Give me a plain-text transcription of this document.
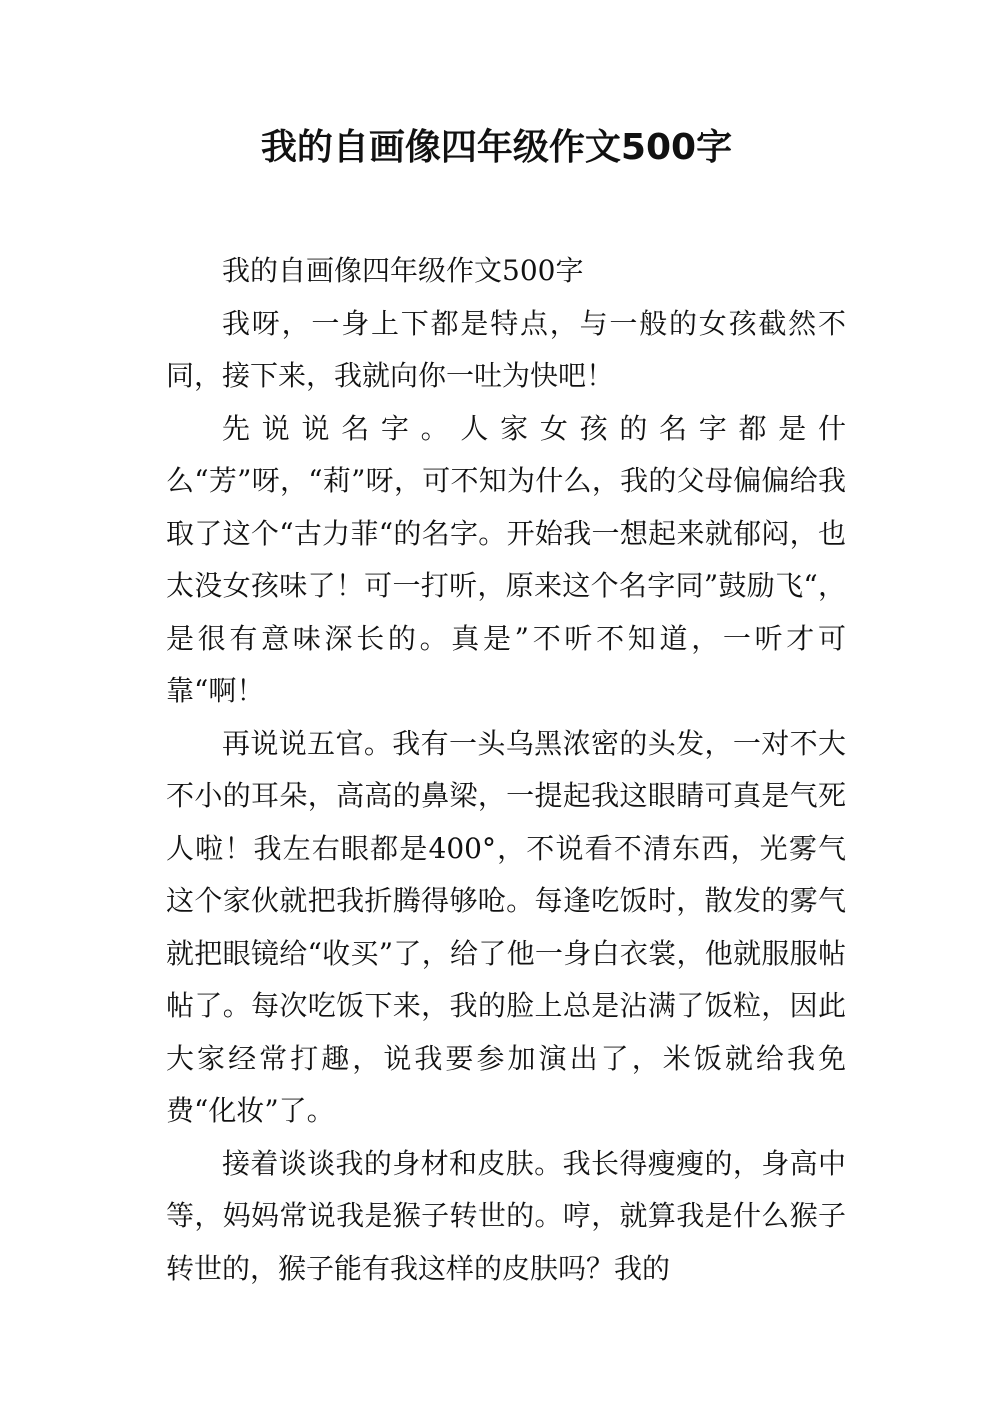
我的自画像四年级作文500字

我的自画像四年级作文500字

我呀，一身上下都是特点，与一般的女孩截然不同，接下来，我就向你一吐为快吧！

先说说名字。人家女孩的名字都是什么“芳”呀，“莉”呀，可不知为什么，我的父母偏偏给我取了这个“古力菲“的名字。开始我一想起来就郁闷，也太没女孩味了！可一打听，原来这个名字同”鼓励飞“，是很有意味深长的。真是”不听不知道，一听才可靠“啊！

再说说五官。我有一头乌黑浓密的头发，一对不大不小的耳朵，高高的鼻梁，一提起我这眼睛可真是气死人啦！我左右眼都是400°，不说看不清东西，光雾气这个家伙就把我折腾得够呛。每逢吃饭时，散发的雾气就把眼镜给“收买”了，给了他一身白衣裳，他就服服帖帖了。每次吃饭下来，我的脸上总是沾满了饭粒，因此大家经常打趣，说我要参加演出了，米饭就给我免费“化妆”了。

接着谈谈我的身材和皮肤。我长得瘦瘦的，身高中等，妈妈常说我是猴子转世的。哼，就算我是什么猴子转世的，猴子能有我这样的皮肤吗？我的
